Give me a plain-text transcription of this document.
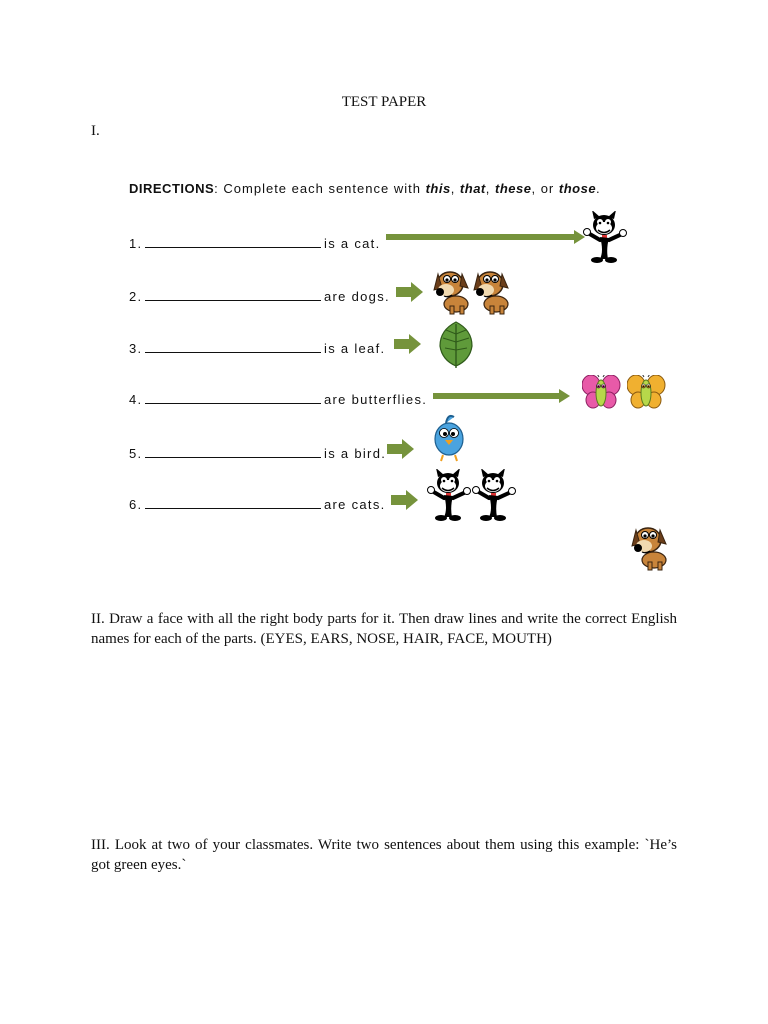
TEST PAPER
I.
DIRECTIONS: Complete each sentence with this, that, these, or those.
1.	is a cat.
2.	are dogs.
3.	is a leaf.
4.	are butterflies.
5.	is a bird.
6.	are cats.
II. Draw a face with all the right body parts for it. Then draw lines and write the correct English names for each of the parts. (EYES, EARS, NOSE, HAIR, FACE, MOUTH)
III. Look at two of your classmates. Write two sentences about them using this example: `He’s got green eyes.`
